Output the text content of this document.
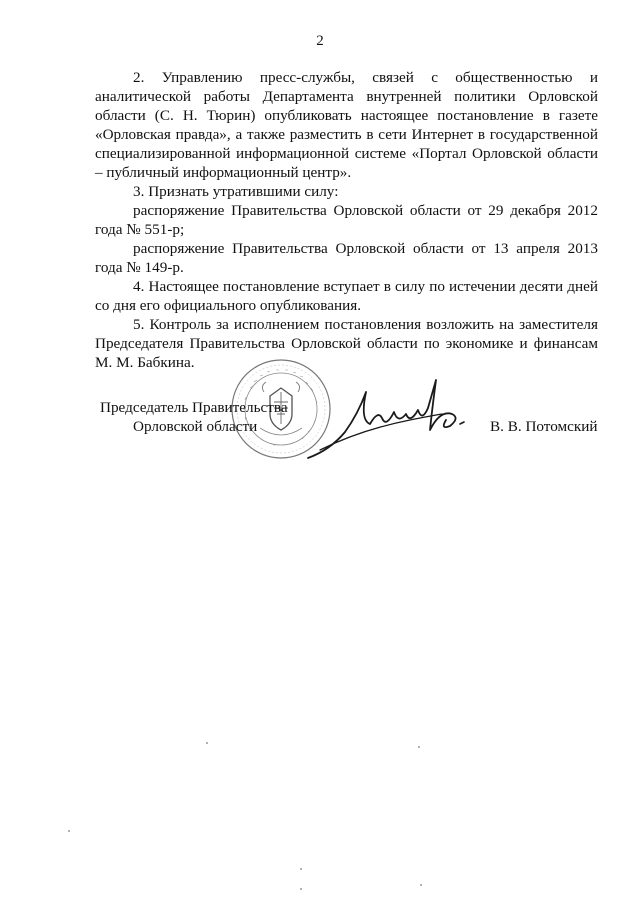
2

2. Управлению пресс-службы, связей с общественностью и аналитической работы Департамента внутренней политики Орловской области (С. Н. Тюрин) опубликовать настоящее постановление в газете «Орловская правда», а также разместить в сети Интернет в государственной специализированной информационной системе «Портал Орловской области – публичный информационный центр».

3. Признать утратившими силу:

распоряжение Правительства Орловской области от 29 декабря 2012 года № 551-р;

распоряжение Правительства Орловской области от 13 апреля 2013 года № 149-р.

4. Настоящее постановление вступает в силу по истечении десяти дней со дня его официального опубликования.

5. Контроль за исполнением постановления возложить на заместителя Председателя Правительства Орловской области по экономике и финансам М. М. Бабкина.

Председатель Правительства
Орловской области	В. В. Потомский
